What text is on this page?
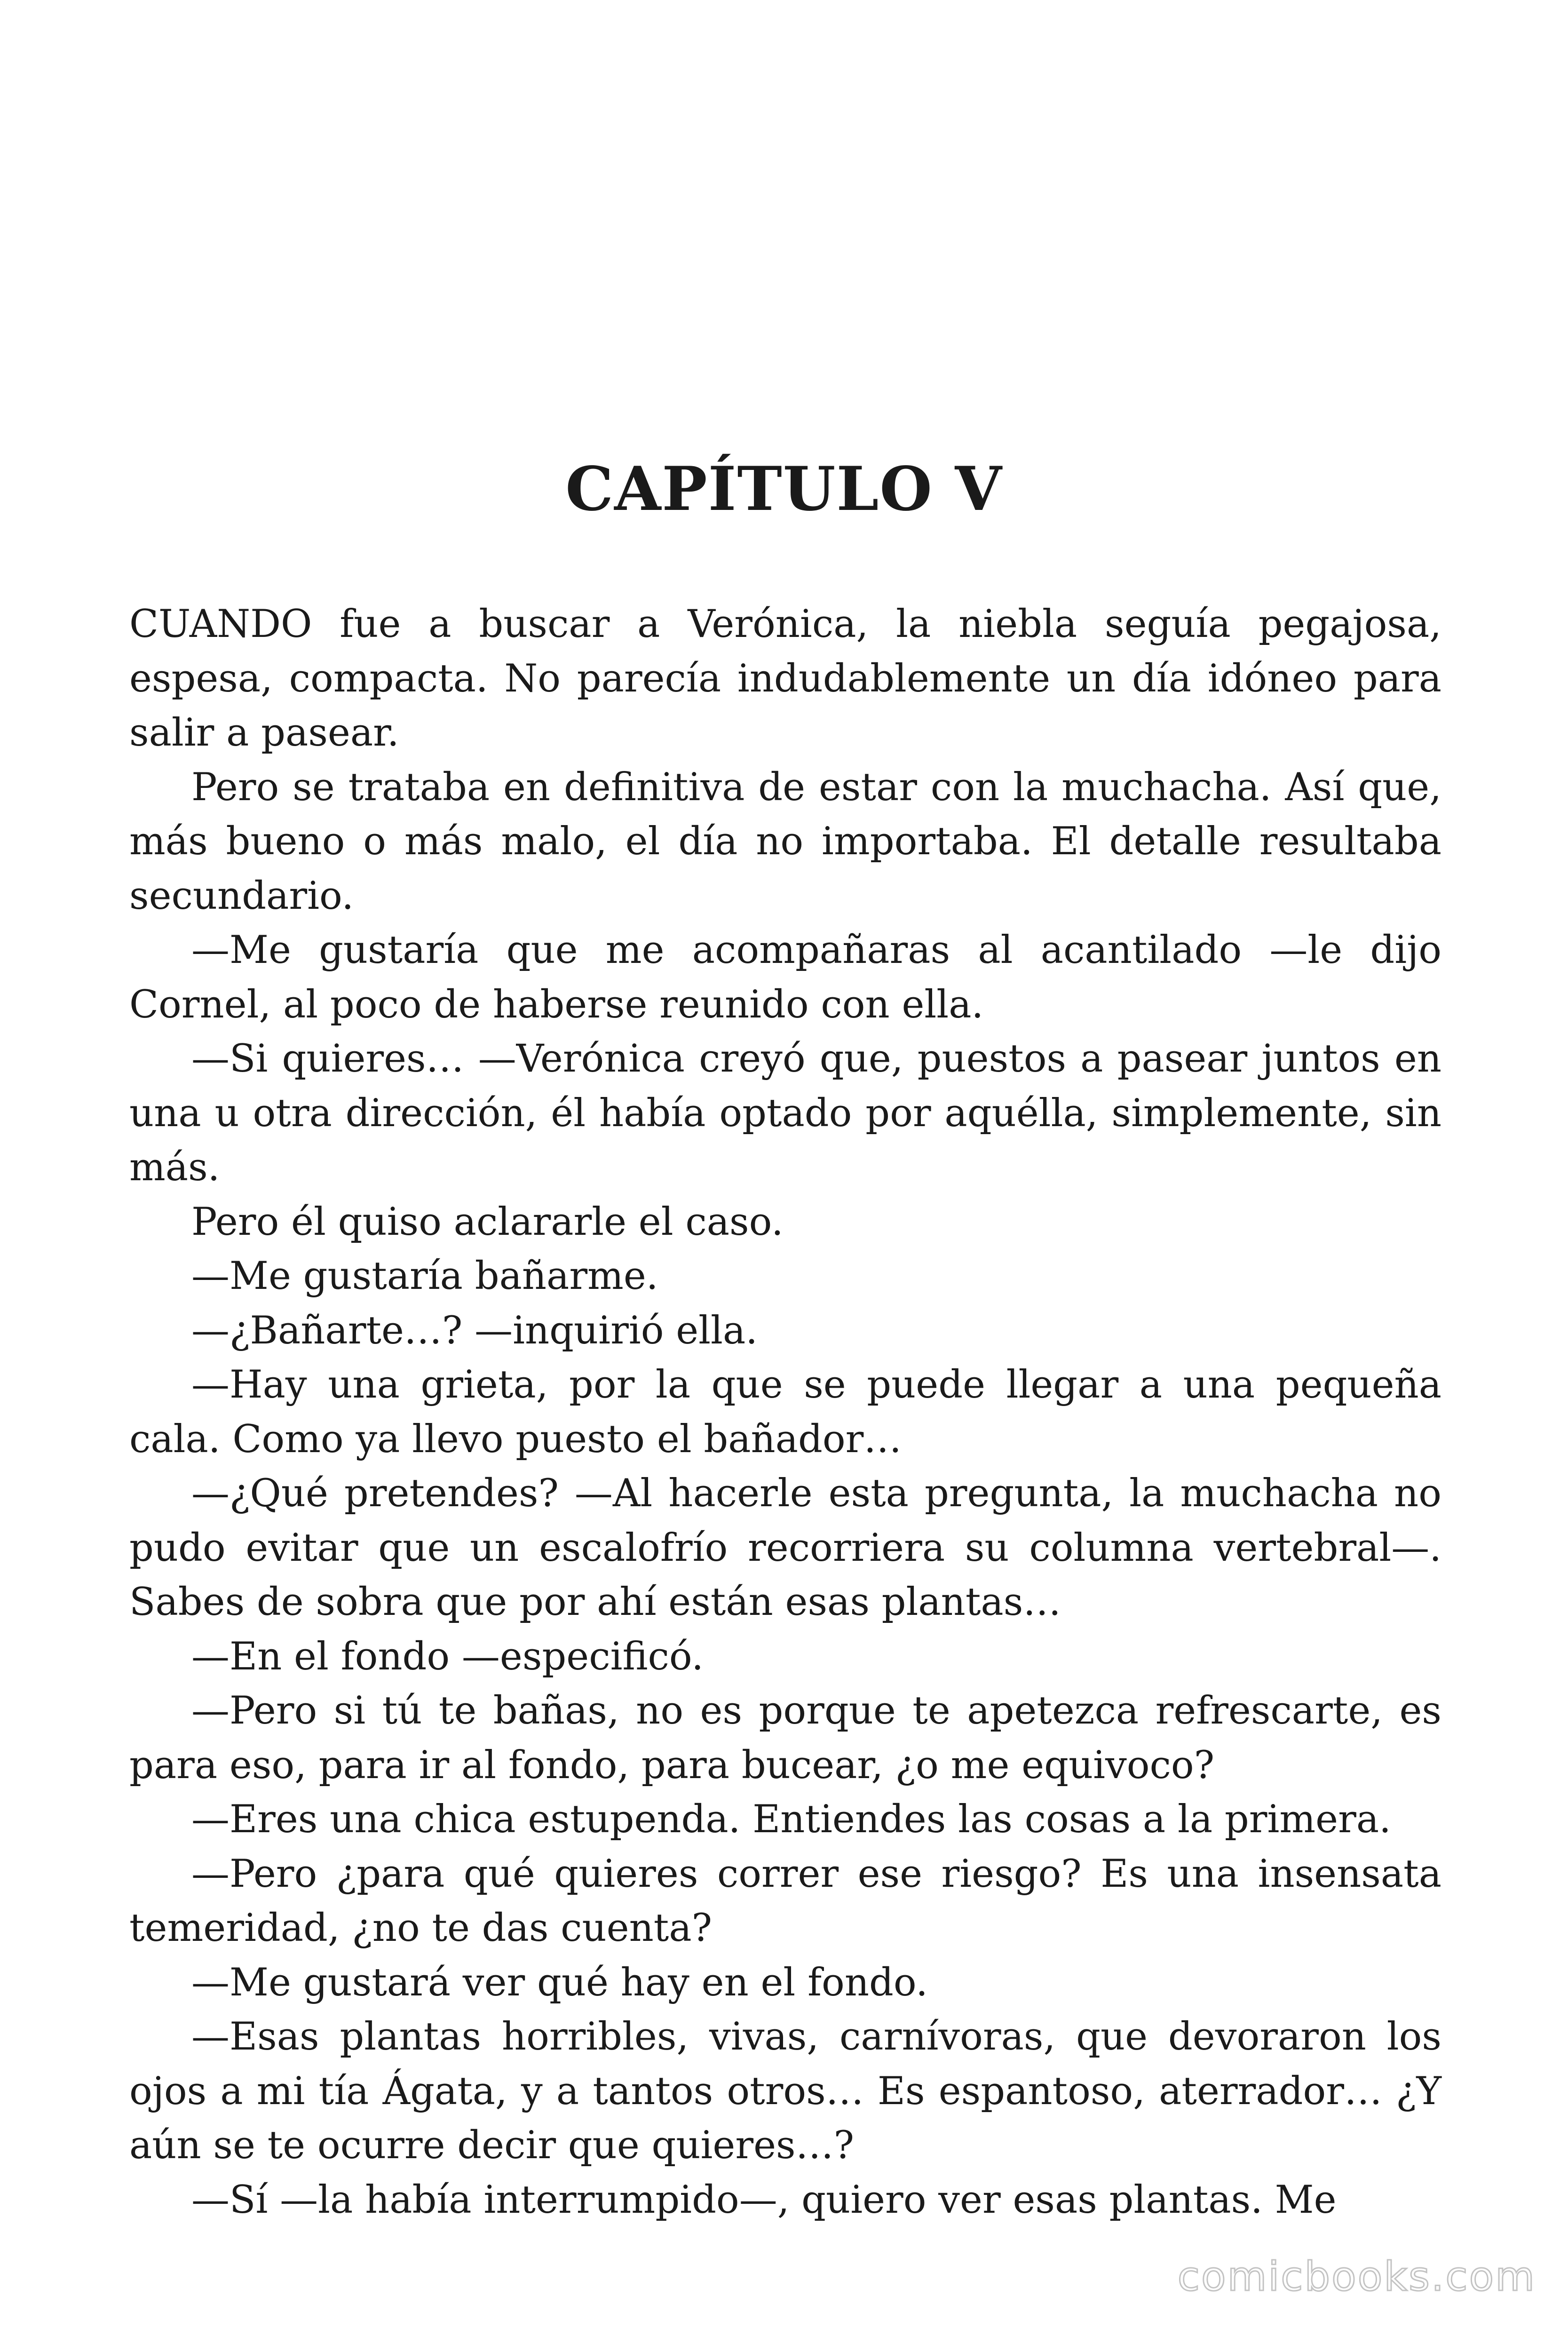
CAPÍTULO V

CUANDO fue a buscar a Verónica, la niebla seguía pegajosa, espesa, compacta. No parecía indudablemente un día idóneo para salir a pasear.

Pero se trataba en definitiva de estar con la muchacha. Así que, más bueno o más malo, el día no importaba. El detalle resultaba secundario.

—Me gustaría que me acompañaras al acantilado —le dijo Cornel, al poco de haberse reunido con ella.

—Si quieres… —Verónica creyó que, puestos a pasear juntos en una u otra dirección, él había optado por aquélla, simplemente, sin más.

Pero él quiso aclararle el caso.

—Me gustaría bañarme.

—¿Bañarte…? —inquirió ella.

—Hay una grieta, por la que se puede llegar a una pequeña cala. Como ya llevo puesto el bañador…

—¿Qué pretendes? —Al hacerle esta pregunta, la muchacha no pudo evitar que un escalofrío recorriera su columna vertebral—. Sabes de sobra que por ahí están esas plantas…

—En el fondo —especificó.

—Pero si tú te bañas, no es porque te apetezca refrescarte, es para eso, para ir al fondo, para bucear, ¿o me equivoco?

—Eres una chica estupenda. Entiendes las cosas a la primera.

—Pero ¿para qué quieres correr ese riesgo? Es una insensata temeridad, ¿no te das cuenta?

—Me gustará ver qué hay en el fondo.

—Esas plantas horribles, vivas, carnívoras, que devoraron los ojos a mi tía Ágata, y a tantos otros… Es espantoso, aterrador… ¿Y aún se te ocurre decir que quieres…?

—Sí —la había interrumpido—, quiero ver esas plantas. Me

comicbooks.com
